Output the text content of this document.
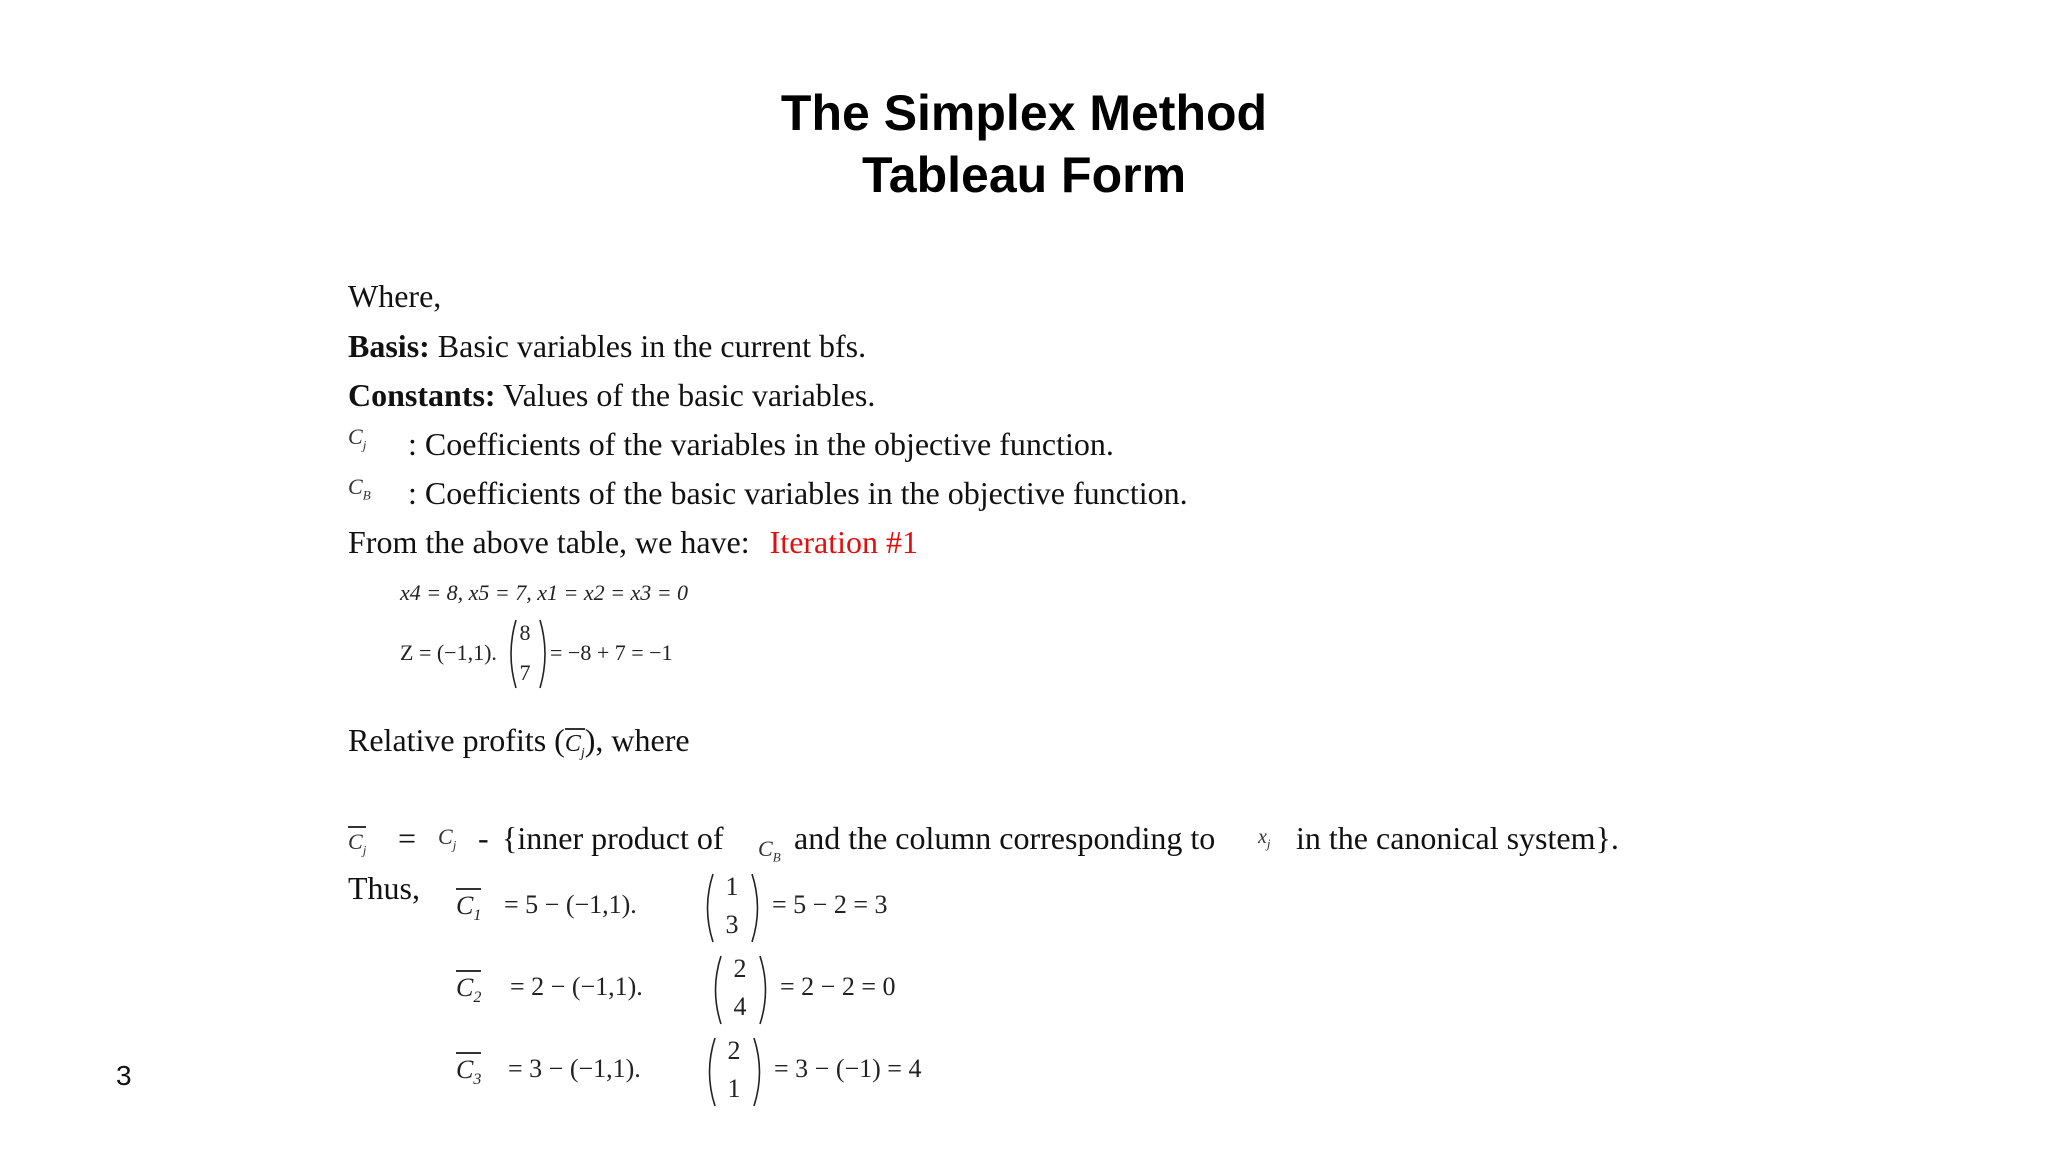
The Simplex Method
Tableau Form
Where,
Basis: Basic variables in the current bfs.
Constants: Values of the basic variables.
$C_j$ : Coefficients of the variables in the objective function.
$C_B$ : Coefficients of the basic variables in the objective function.
From the above table, we have: Iteration #1
x4 = 8, x5 = 7, x1 = x2 = x3 = 0
Z = (−1,1).
8
7
= −8 + 7 = −1
Relative profits $(C_j)$, where
$C_j = C_j$ - {inner product of $C_B$
and the column corresponding to $x_j$ in the canonical system}.
Thus, $C_1 = 5 - (-1,1)$.
1
3
= 5 − 2 = 3
$C_2 = 2 - (-1,1)$.
2
4
= 2 − 2 = 0
$C_3 = 3 - (-1,1)$.
2
1
= 3 − (−1) = 4
3
